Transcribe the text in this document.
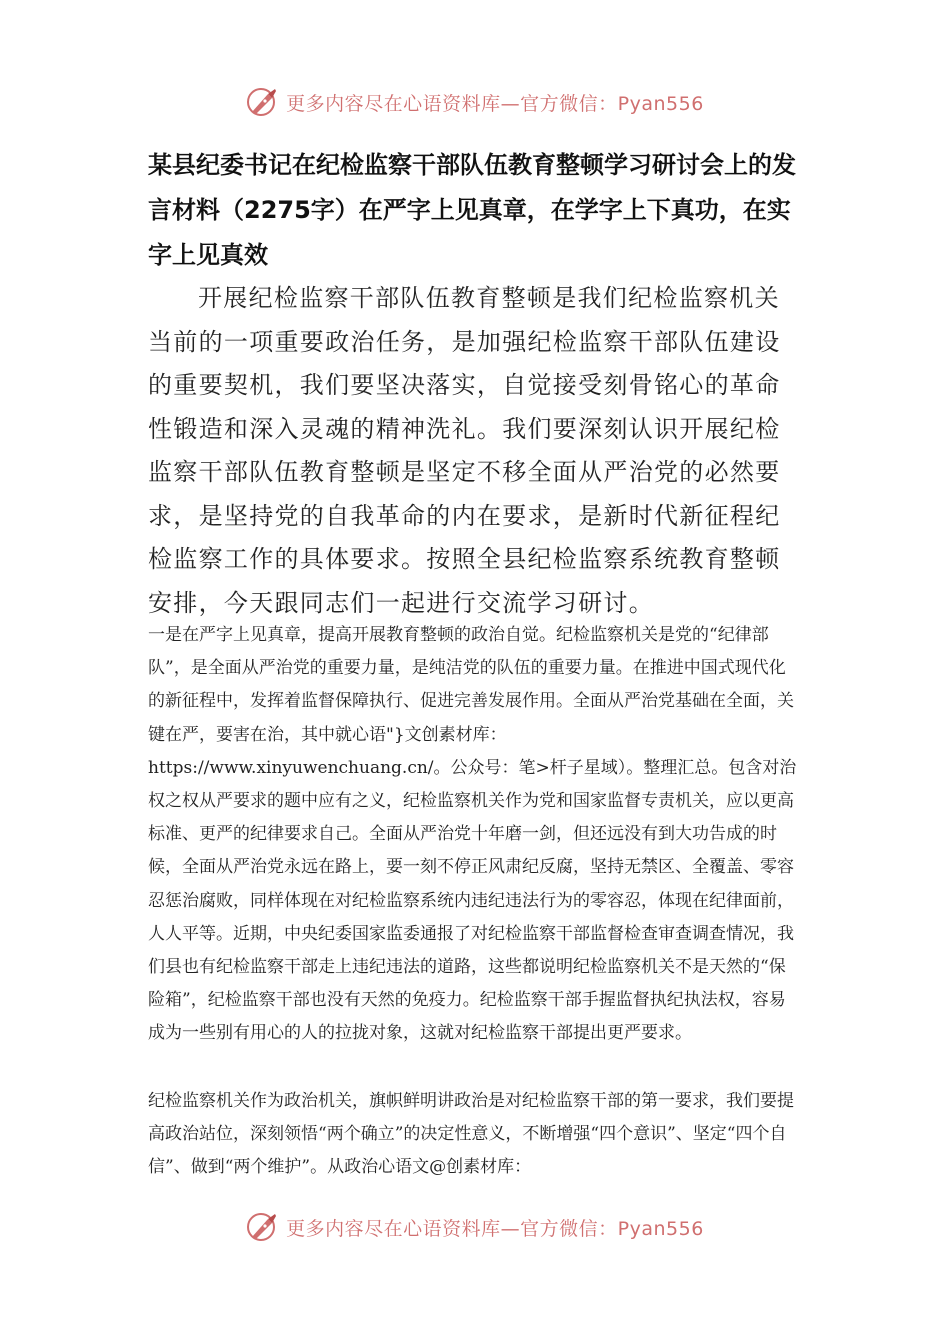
更多内容尽在心语资料库—官方微信：Pyan556
某县纪委书记在纪检监察干部队伍教育整顿学习研讨会上的发言材料（2275字）在严字上见真章，在学字上下真功，在实字上见真效

开展纪检监察干部队伍教育整顿是我们纪检监察机关当前的一项重要政治任务，是加强纪检监察干部队伍建设的重要契机，我们要坚决落实，自觉接受刻骨铭心的革命性锻造和深入灵魂的精神洗礼。我们要深刻认识开展纪检监察干部队伍教育整顿是坚定不移全面从严治党的必然要求，是坚持党的自我革命的内在要求，是新时代新征程纪检监察工作的具体要求。按照全县纪检监察系统教育整顿安排，今天跟同志们一起进行交流学习研讨。

一是在严字上见真章，提高开展教育整顿的政治自觉。纪检监察机关是党的“纪律部队”，是全面从严治党的重要力量，是纯洁党的队伍的重要力量。在推进中国式现代化的新征程中，发挥着监督保障执行、促进完善发展作用。全面从严治党基础在全面，关键在严，要害在治，其中就心语"}文创素材库：https://www.xinyuwenchuang.cn/。公众号：笔>杆子星域）。整理汇总。包含对治权之权从严要求的题中应有之义，纪检监察机关作为党和国家监督专责机关，应以更高标准、更严的纪律要求自己。全面从严治党十年磨一剑，但还远没有到大功告成的时候，全面从严治党永远在路上，要一刻不停正风肃纪反腐，坚持无禁区、全覆盖、零容忍惩治腐败，同样体现在对纪检监察系统内违纪违法行为的零容忍，体现在纪律面前，人人平等。近期，中央纪委国家监委通报了对纪检监察干部监督检查审查调查情况，我们县也有纪检监察干部走上违纪违法的道路，这些都说明纪检监察机关不是天然的“保险箱”，纪检监察干部也没有天然的免疫力。纪检监察干部手握监督执纪执法权，容易成为一些别有用心的人的拉拢对象，这就对纪检监察干部提出更严要求。

纪检监察机关作为政治机关，旗帜鲜明讲政治是对纪检监察干部的第一要求，我们要提高政治站位，深刻领悟“两个确立”的决定性意义，不断增强“四个意识”、坚定“四个自信”、做到“两个维护”。从政治心语文@创素材库：

更多内容尽在心语资料库—官方微信：Pyan556
